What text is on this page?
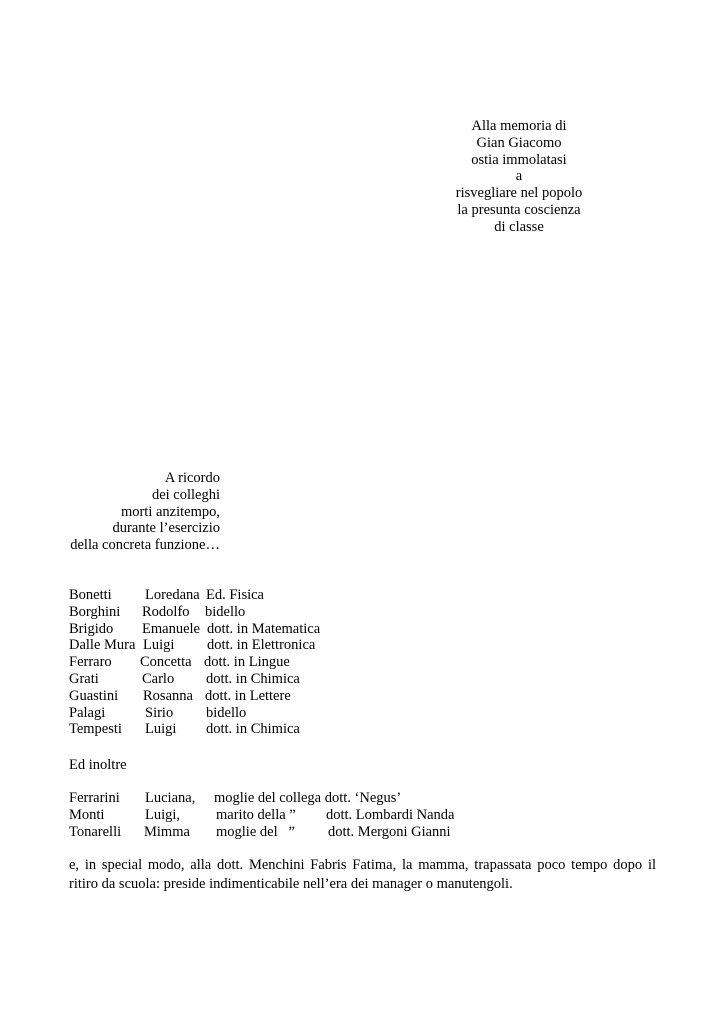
Alla memoria di
Gian Giacomo
ostia immolatasi
a
risvegliare nel popolo
la presunta coscienza
di classe
A ricordo
dei colleghi
morti anzitempo,
durante l’esercizio
della concreta funzione…
Bonetti Loredana Ed. Fisica
Borghini Rodolfo bidello
Brigido Emanuele dott. in Matematica
Dalle Mura Luigi dott. in Elettronica
Ferraro Concetta dott. in Lingue
Grati	Carlo dott. in Chimica
Guastini Rosanna dott. in Lettere
Palagi	Sirio bidello
Tempesti Luigi dott. in Chimica
Ed inoltre
Ferrarini Luciana, moglie del collega dott. ‘Negus’
Monti	Luigi, marito della ” dott. Lombardi Nanda
Tonarelli Mimma moglie del   ” dott. Mergoni Gianni
e, in special modo, alla dott. Menchini Fabris Fatima, la mamma, trapassata poco tempo dopo il ritiro da scuola: preside indimenticabile nell’era dei manager o manutengoli.
